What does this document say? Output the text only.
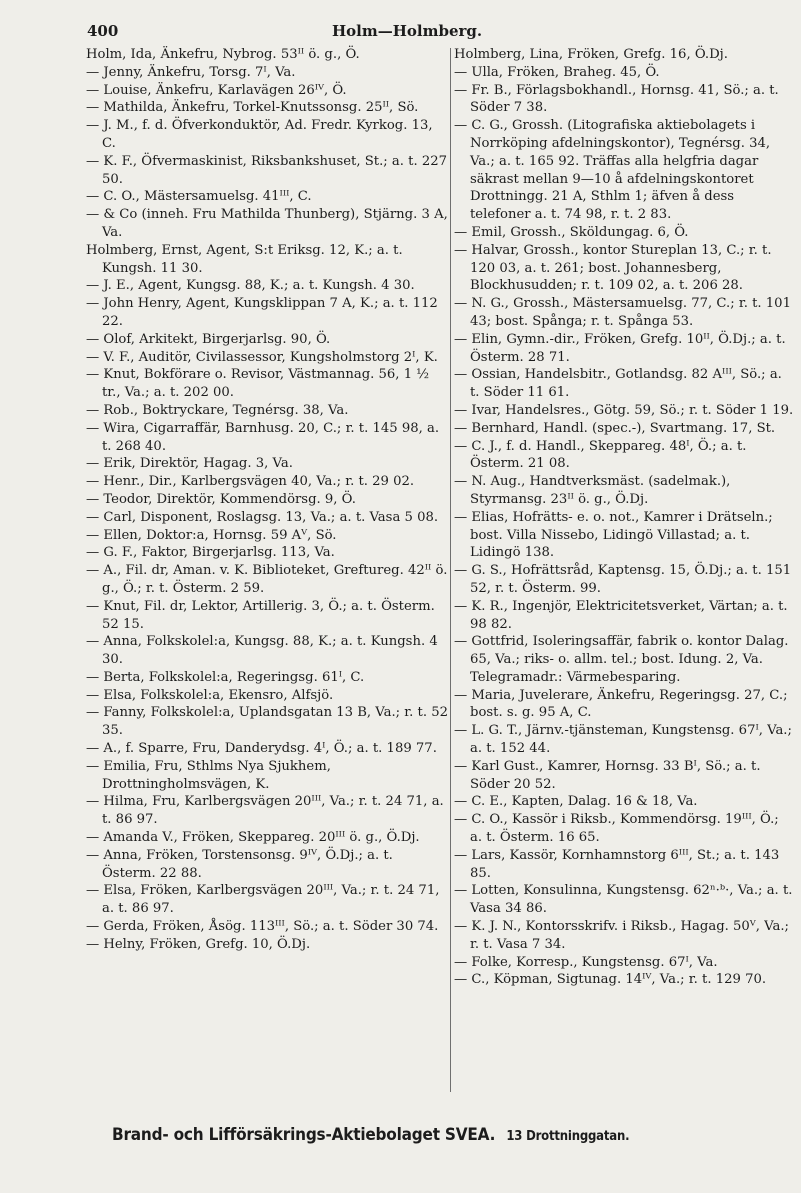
400	Holm—Holmberg.
Holm, Ida, Änkefru, Nybrog. 53ᴵᴵ ö. g., Ö.
— Jenny, Änkefru, Torsg. 7ᴵ, Va.
— Louise, Änkefru, Karlavägen 26ᴵⱽ, Ö.
— Mathilda, Änkefru, Torkel-Knutssonsg. 25ᴵᴵ, Sö.
— J. M., f. d. Öfverkonduktör, Ad. Fredr. Kyrkog. 13, C.
— K. F., Öfvermaskinist, Riksbankshuset, St.; a. t. 227 50.
— C. O., Mästersamuelsg. 41ᴵᴵᴵ, C.
— & Co (inneh. Fru Mathilda Thunberg), Stjärng. 3 A, Va.
Holmberg, Ernst, Agent, S:t Eriksg. 12, K.; a. t. Kungsh. 11 30.
— J. E., Agent, Kungsg. 88, K.; a. t. Kungsh. 4 30.
— John Henry, Agent, Kungsklippan 7 A, K.; a. t. 112 22.
— Olof, Arkitekt, Birgerjarlsg. 90, Ö.
— V. F., Auditör, Civilassessor, Kungsholmstorg 2ᴵ, K.
— Knut, Bokförare o. Revisor, Västmannag. 56, 1 ½ tr., Va.; a. t. 202 00.
— Rob., Boktryckare, Tegnérsg. 38, Va.
— Wira, Cigarraffär, Barnhusg. 20, C.; r. t. 145 98, a. t. 268 40.
— Erik, Direktör, Hagag. 3, Va.
— Henr., Dir., Karlbergsvägen 40, Va.; r. t. 29 02.
— Teodor, Direktör, Kommendörsg. 9, Ö.
— Carl, Disponent, Roslagsg. 13, Va.; a. t. Vasa 5 08.
— Ellen, Doktor:a, Hornsg. 59 Aⱽ, Sö.
— G. F., Faktor, Birgerjarlsg. 113, Va.
— A., Fil. dr, Aman. v. K. Biblioteket, Greftureg. 42ᴵᴵ ö. g., Ö.; r. t. Österm. 2 59.
— Knut, Fil. dr, Lektor, Artillerig. 3, Ö.; a. t. Österm. 52 15.
— Anna, Folkskolel:a, Kungsg. 88, K.; a. t. Kungsh. 4 30.
— Berta, Folkskolel:a, Regeringsg. 61ᴵ, C.
— Elsa, Folkskolel:a, Ekensro, Alfsjö.
— Fanny, Folkskolel:a, Uplandsgatan 13 B, Va.; r. t. 52 35.
— A., f. Sparre, Fru, Danderydsg. 4ᴵ, Ö.; a. t. 189 77.
— Emilia, Fru, Sthlms Nya Sjukhem, Drottningholmsvägen, K.
— Hilma, Fru, Karlbergsvägen 20ᴵᴵᴵ, Va.; r. t. 24 71, a. t. 86 97.
— Amanda V., Fröken, Skeppareg. 20ᴵᴵᴵ ö. g., Ö.Dj.
— Anna, Fröken, Torstensonsg. 9ᴵⱽ, Ö.Dj.; a. t. Österm. 22 88.
— Elsa, Fröken, Karlbergsvägen 20ᴵᴵᴵ, Va.; r. t. 24 71, a. t. 86 97.
— Gerda, Fröken, Åsög. 113ᴵᴵᴵ, Sö.; a. t. Söder 30 74.
— Helny, Fröken, Grefg. 10, Ö.Dj.
Holmberg, Lina, Fröken, Grefg. 16, Ö.Dj.
— Ulla, Fröken, Braheg. 45, Ö.
— Fr. B., Förlagsbokhandl., Hornsg. 41, Sö.; a. t. Söder 7 38.
— C. G., Grossh. (Litografiska aktiebolagets i Norrköping afdelningskontor), Tegnérsg. 34, Va.; a. t. 165 92. Träffas alla helgfria dagar säkrast mellan 9—10 å afdelningskontoret Drottningg. 21 A, Sthlm 1; äfven å dess telefoner a. t. 74 98, r. t. 2 83.
— Emil, Grossh., Sköldungag. 6, Ö.
— Halvar, Grossh., kontor Stureplan 13, C.; r. t. 120 03, a. t. 261; bost. Johannesberg, Blockhusudden; r. t. 109 02, a. t. 206 28.
— N. G., Grossh., Mästersamuelsg. 77, C.; r. t. 101 43; bost. Spånga; r. t. Spånga 53.
— Elin, Gymn.-dir., Fröken, Grefg. 10ᴵᴵ, Ö.Dj.; a. t. Österm. 28 71.
— Ossian, Handelsbitr., Gotlandsg. 82 Aᴵᴵᴵ, Sö.; a. t. Söder 11 61.
— Ivar, Handelsres., Götg. 59, Sö.; r. t. Söder 1 19.
— Bernhard, Handl. (spec.-), Svartmang. 17, St.
— C. J., f. d. Handl., Skeppareg. 48ᴵ, Ö.; a. t. Österm. 21 08.
— N. Aug., Handtverksmäst. (sadelmak.), Styrmansg. 23ᴵᴵ ö. g., Ö.Dj.
— Elias, Hofrätts- e. o. not., Kamrer i Drätseln.; bost. Villa Nissebo, Lidingö Villastad; a. t. Lidingö 138.
— G. S., Hofrättsråd, Kaptensg. 15, Ö.Dj.; a. t. 151 52, r. t. Österm. 99.
— K. R., Ingenjör, Elektricitetsverket, Värtan; a. t. 98 82.
— Gottfrid, Isoleringsaffär, fabrik o. kontor Dalag. 65, Va.; riks- o. allm. tel.; bost. Idung. 2, Va. Telegramadr.: Värmebesparing.
— Maria, Juvelerare, Änkefru, Regeringsg. 27, C.; bost. s. g. 95 A, C.
— L. G. T., Järnv.-tjänsteman, Kungstensg. 67ᴵ, Va.; a. t. 152 44.
— Karl Gust., Kamrer, Hornsg. 33 Bᴵ, Sö.; a. t. Söder 20 52.
— C. E., Kapten, Dalag. 16 & 18, Va.
— C. O., Kassör i Riksb., Kommendörsg. 19ᴵᴵᴵ, Ö.; a. t. Österm. 16 65.
— Lars, Kassör, Kornhamnstorg 6ᴵᴵᴵ, St.; a. t. 143 85.
— Lotten, Konsulinna, Kungstensg. 62ⁿ·ᵇ·, Va.; a. t. Vasa 34 86.
— K. J. N., Kontorsskrifv. i Riksb., Hagag. 50ⱽ, Va.; r. t. Vasa 7 34.
— Folke, Korresp., Kungstensg. 67ᴵ, Va.
— C., Köpman, Sigtunag. 14ᴵⱽ, Va.; r. t. 129 70.
Brand- och Lifförsäkrings-Aktiebolaget SVEA. 13 Drottninggatan.
